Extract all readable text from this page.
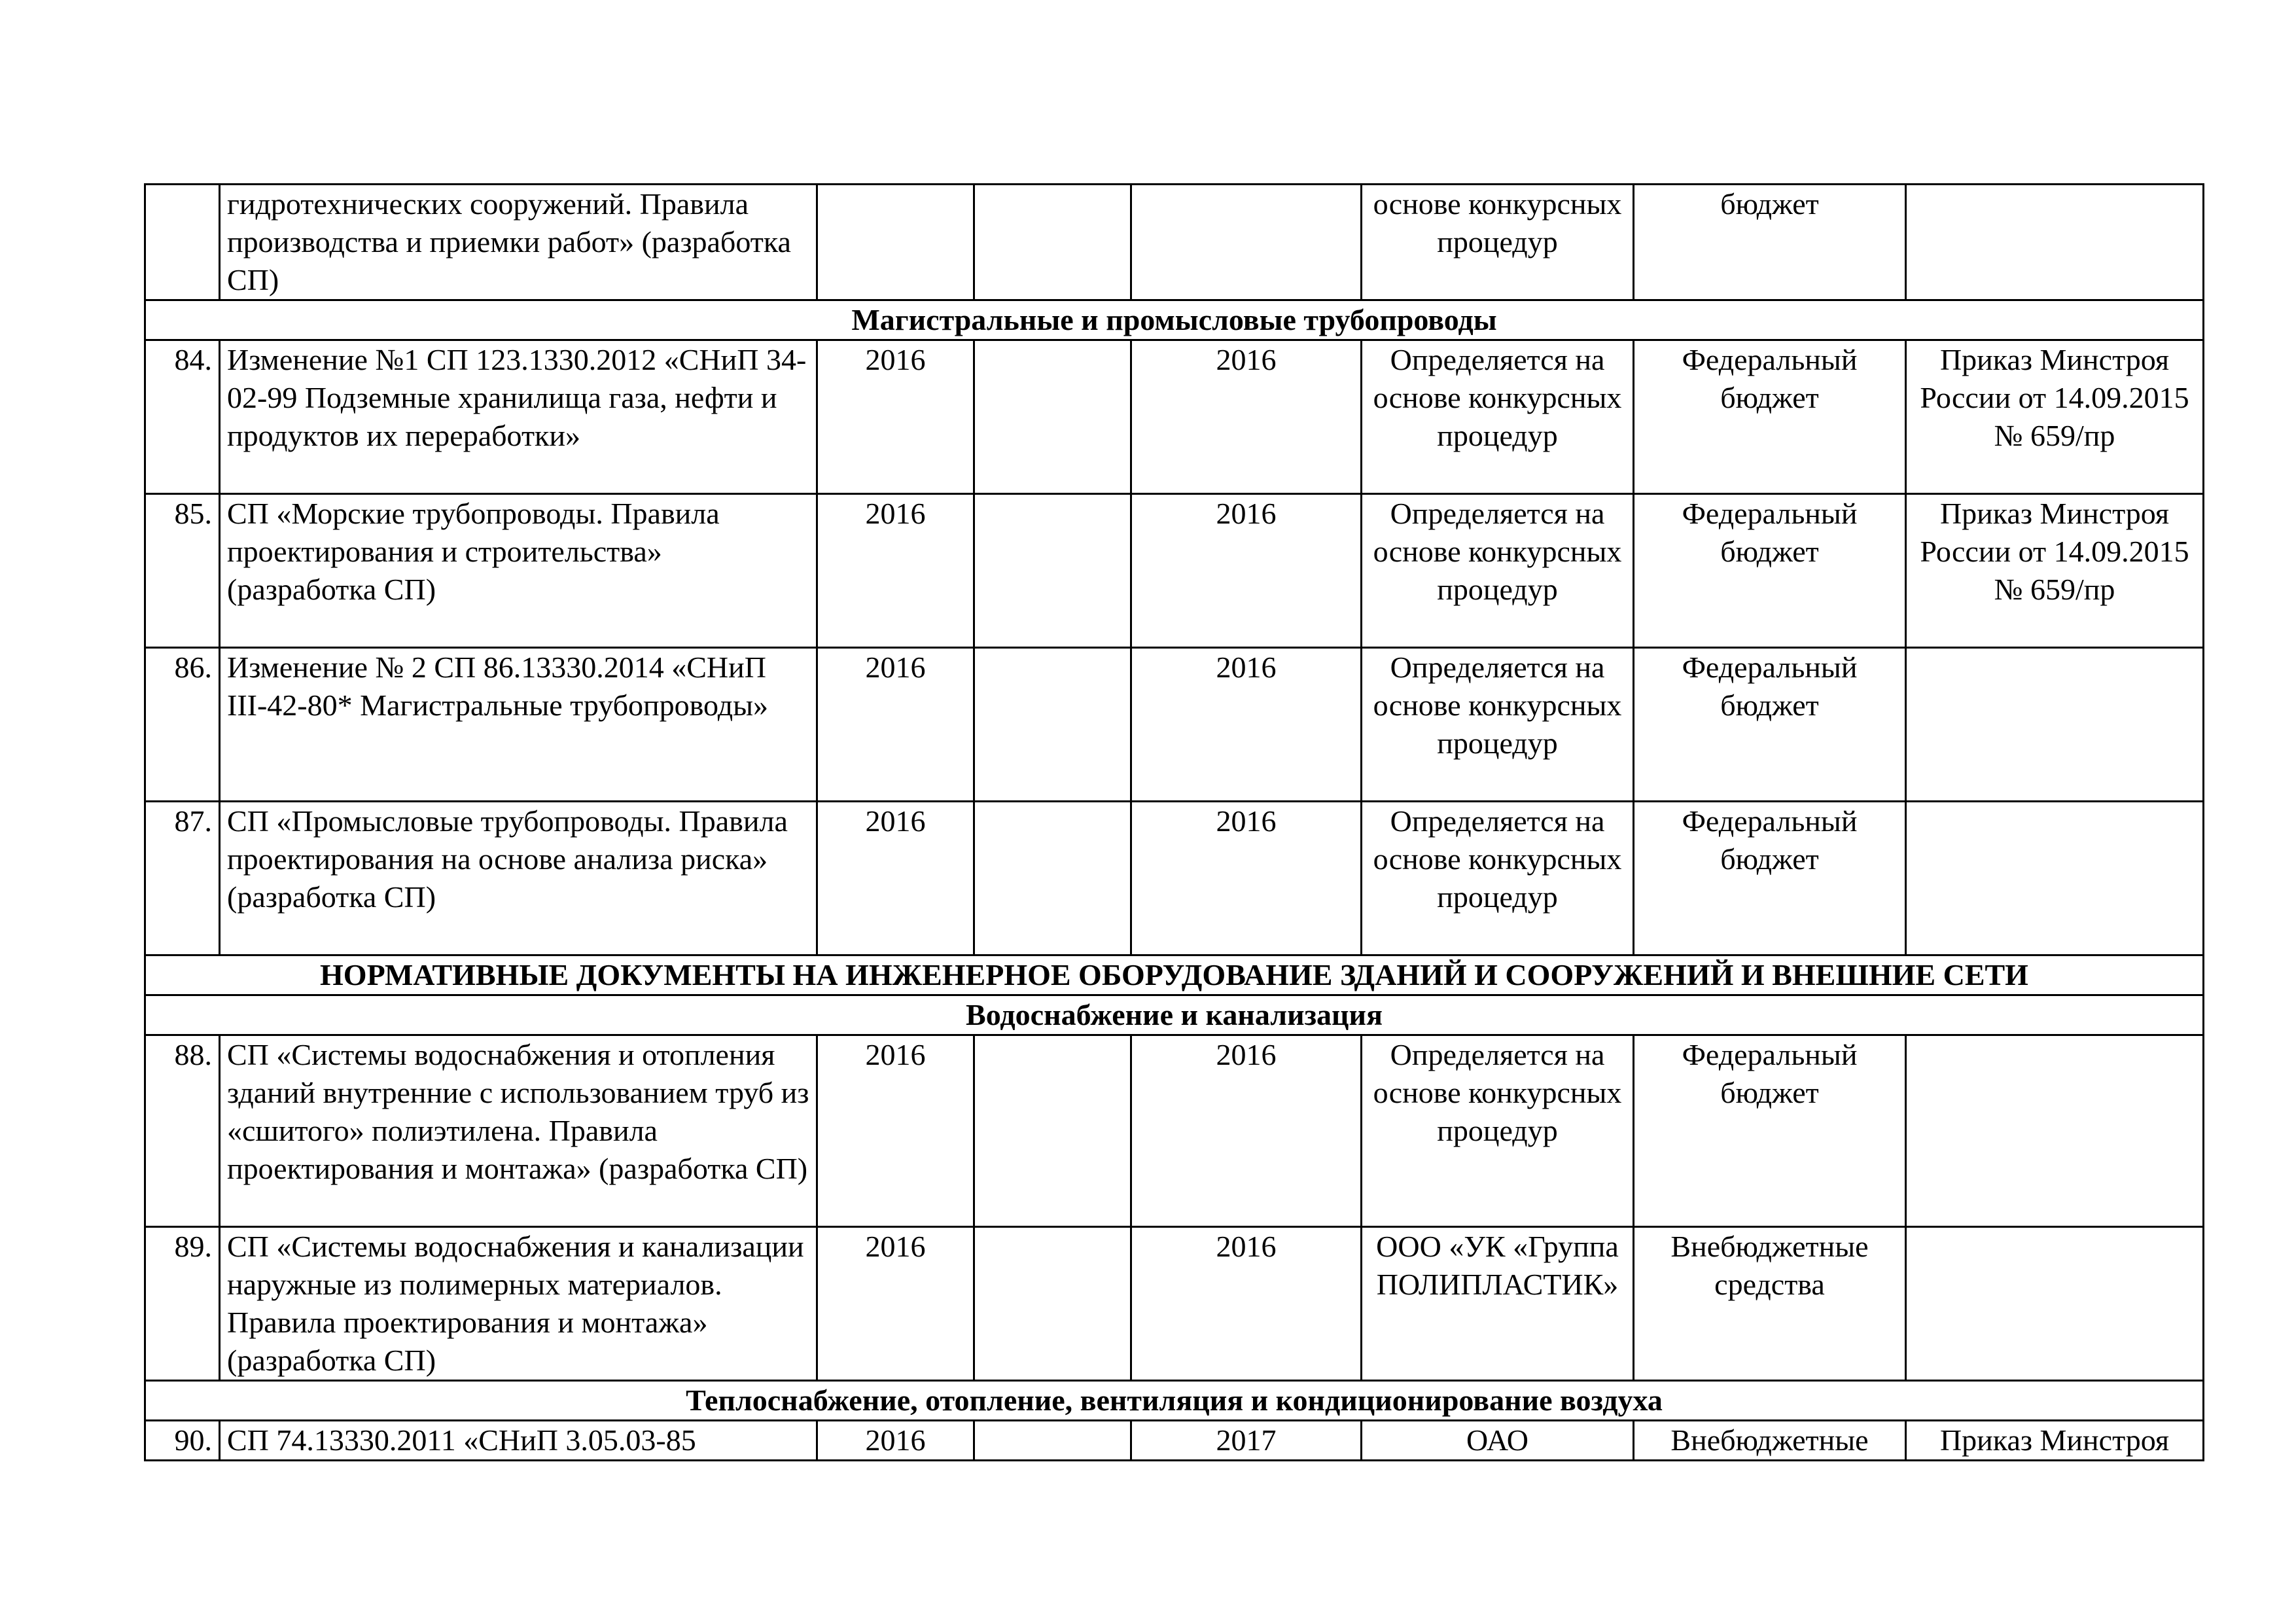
	гидротехнических сооружений. Правила производства и приемки работ» (разработка СП)				основе конкурсных процедур	бюджет	
Магистральные и промысловые трубопроводы							
84.	Изменение №1 СП 123.1330.2012 «СНиП 34-02-99 Подземные хранилища газа, нефти и продуктов их переработки»	2016		2016	Определяется на основе конкурсных процедур	Федеральный бюджет	Приказ Минстроя России от 14.09.2015 № 659/пр
85.	СП «Морские трубопроводы. Правила проектирования и строительства» (разработка СП)	2016		2016	Определяется на основе конкурсных процедур	Федеральный бюджет	Приказ Минстроя России от 14.09.2015 № 659/пр
86.	Изменение № 2 СП 86.13330.2014 «СНиП III-42-80* Магистральные трубопроводы»	2016		2016	Определяется на основе конкурсных процедур	Федеральный бюджет	
87.	СП «Промысловые трубопроводы. Правила проектирования на основе анализа риска» (разработка СП)	2016		2016	Определяется на основе конкурсных процедур	Федеральный бюджет	
НОРМАТИВНЫЕ ДОКУМЕНТЫ НА ИНЖЕНЕРНОЕ ОБОРУДОВАНИЕ ЗДАНИЙ И СООРУЖЕНИЙ И ВНЕШНИЕ СЕТИ							
Водоснабжение и канализация							
88.	СП «Системы водоснабжения и отопления зданий внутренние с использованием труб из «сшитого» полиэтилена. Правила проектирования и монтажа» (разработка СП)	2016		2016	Определяется на основе конкурсных процедур	Федеральный бюджет	
89.	СП «Системы водоснабжения и канализации наружные из полимерных материалов. Правила проектирования и монтажа» (разработка СП)	2016		2016	ООО «УК «Группа ПОЛИПЛАСТИК»	Внебюджетные средства	
Теплоснабжение, отопление, вентиляция и кондиционирование воздуха							
90.	СП 74.13330.2011 «СНиП 3.05.03-85	2016		2017	ОАО	Внебюджетные	Приказ Минстроя
